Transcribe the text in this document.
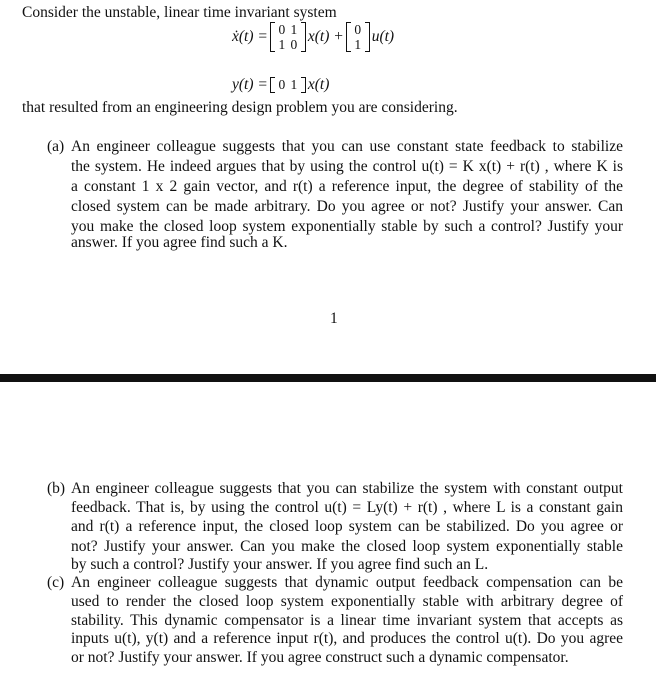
Consider the unstable, linear time invariant system
ẋ(t) = 0 1
1 0 x(t) + 0
1 u(t)
y(t) = 0 1 x(t)
that resulted from an engineering design problem you are considering.
(a) An engineer colleague suggests that you can use constant state feedback to stabilize
the system. He indeed argues that by using the control u(t) = K x(t) + r(t) , where K is
a constant 1 x 2 gain vector, and r(t) a reference input, the degree of stability of the
closed system can be made arbitrary. Do you agree or not? Justify your answer. Can
you make the closed loop system exponentially stable by such a control? Justify your
answer. If you agree find such a K.
1
(b) An engineer colleague suggests that you can stabilize the system with constant output
feedback. That is, by using the control u(t) = Ly(t) + r(t) , where L is a constant gain
and r(t) a reference input, the closed loop system can be stabilized. Do you agree or
not? Justify your answer. Can you make the closed loop system exponentially stable
by such a control? Justify your answer. If you agree find such an L.
(c) An engineer colleague suggests that dynamic output feedback compensation can be
used to render the closed loop system exponentially stable with arbitrary degree of
stability. This dynamic compensator is a linear time invariant system that accepts as
inputs u(t), y(t) and a reference input r(t), and produces the control u(t). Do you agree
or not? Justify your answer. If you agree construct such a dynamic compensator.
